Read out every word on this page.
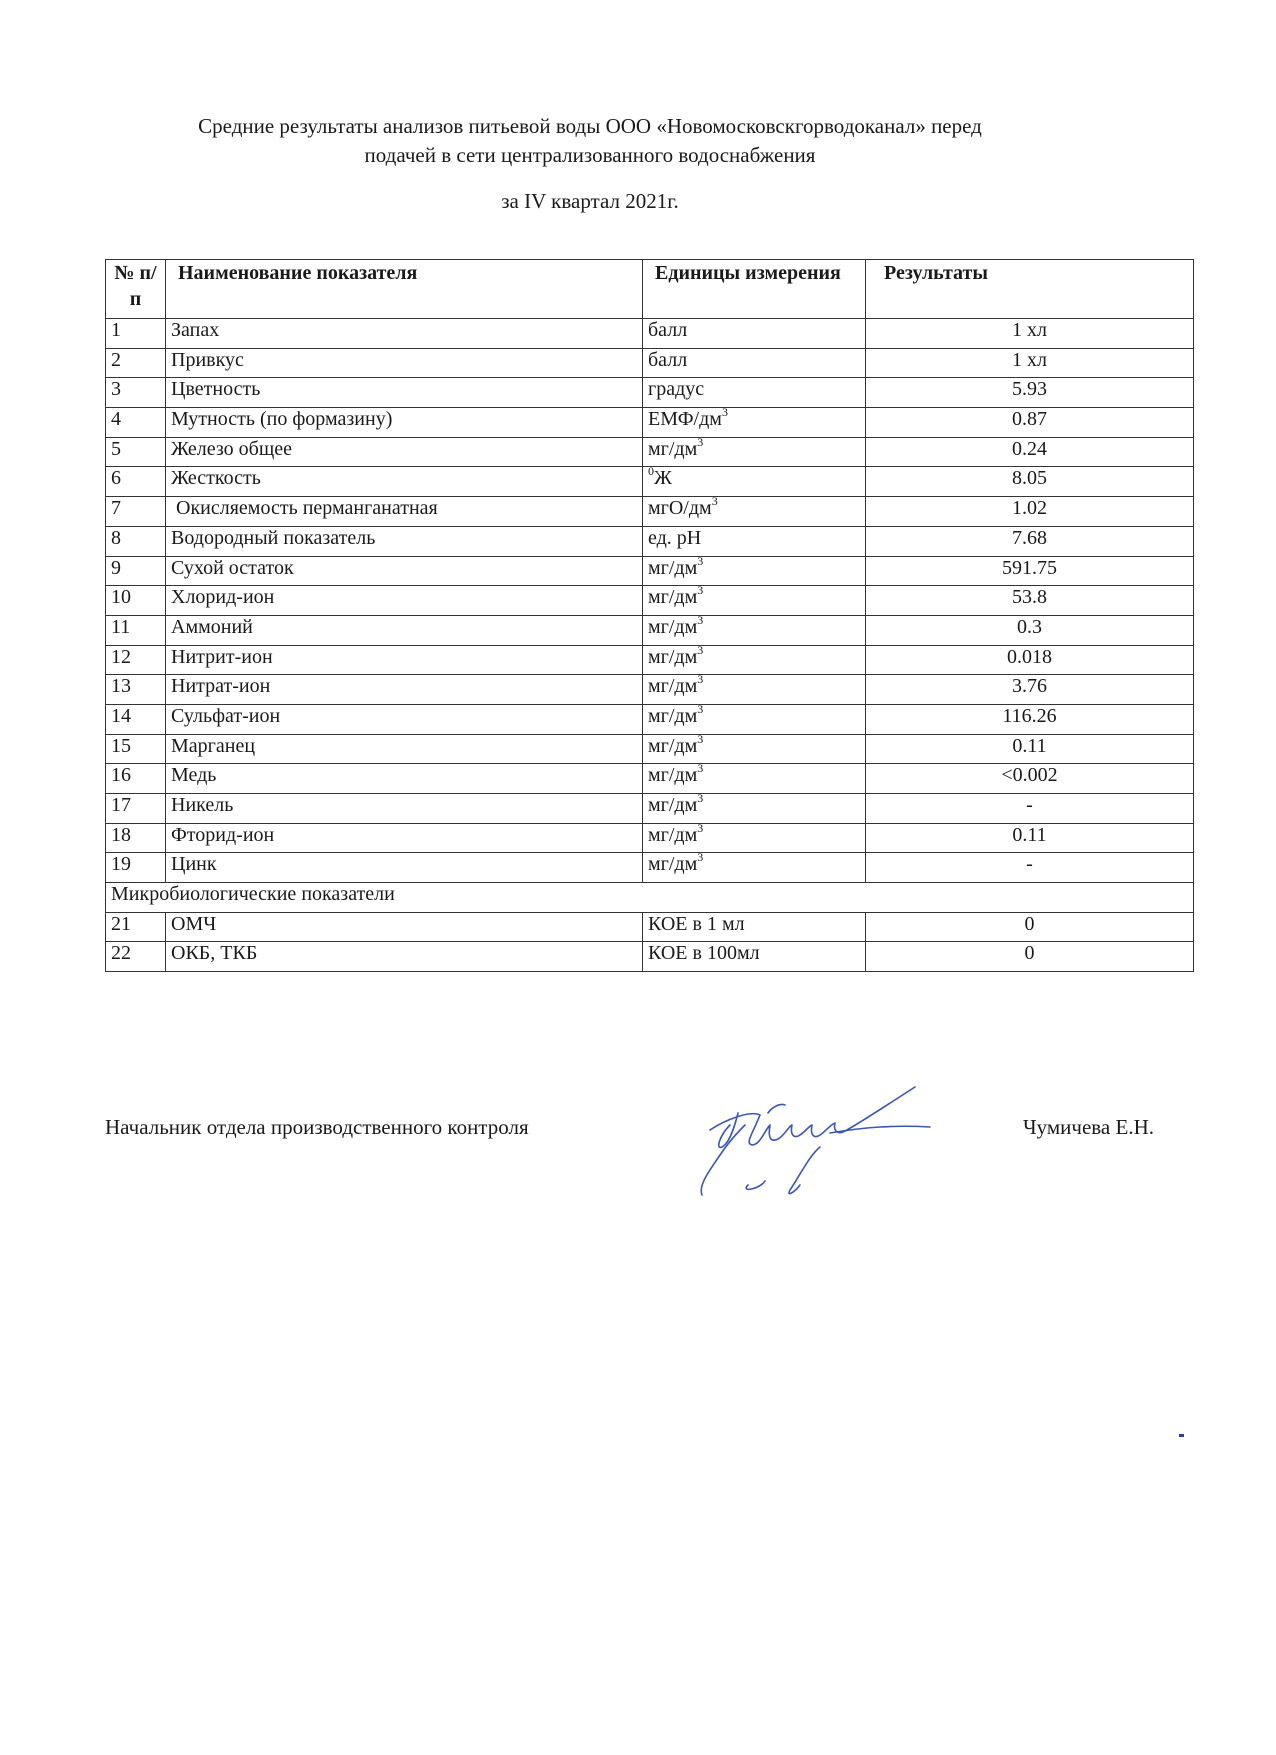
Средние результаты анализов питьевой воды ООО «Новомосковскгорводоканал» перед
подачей в сети централизованного водоснабжения
за IV квартал 2021г.
№ п/п	Наименование показателя	Единицы измерения	Результаты
1	Запах	балл	1 хл
2	Привкус	балл	1 хл
3	Цветность	градус	5.93
4	Мутность (по формазину)	ЕМФ/$дм^3$	0.87
5	Железо общее	$мг/дм^3$	0.24
6	Жесткость	$^0$Ж	8.05
7	Окисляемость перманганатная	мгО/$дм^3$	1.02
8	Водородный показатель	ед. рН	7.68
9	Сухой остаток	$мг/дм^3$	591.75
10	Хлорид-ион	$мг/дм^3$	53.8
11	Аммоний	$мг/дм^3$	0.3
12	Нитрит-ион	$мг/дм^3$	0.018
13	Нитрат-ион	$мг/дм^3$	3.76
14	Сульфат-ион	$мг/дм^3$	116.26
15	Марганец	$мг/дм^3$	0.11
16	Медь	$мг/дм^3$	<0.002
17	Никель	$мг/дм^3$	-
18	Фторид-ион	$мг/дм^3$	0.11
19	Цинк	$мг/дм^3$	-
Микробиологические показатели			
21	ОМЧ	КОЕ в 1 мл	0
22	ОКБ, ТКБ	КОЕ в 100мл	0
Начальник отдела производственного контроля	Чумичева Е.Н.
